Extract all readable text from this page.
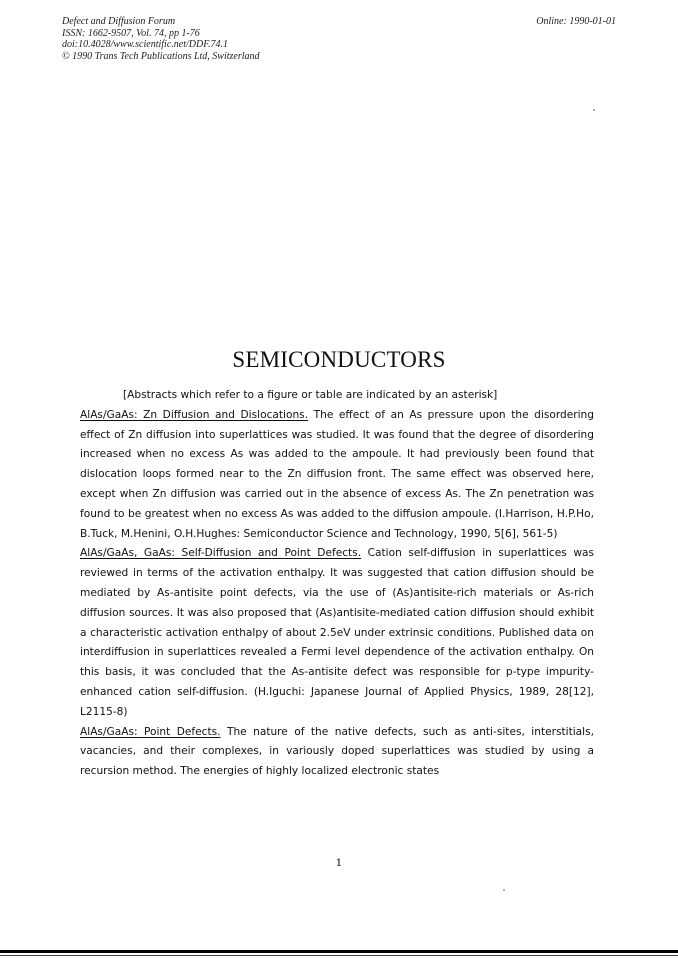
Defect and Diffusion Forum
ISSN: 1662-9507, Vol. 74, pp 1-76
doi:10.4028/www.scientific.net/DDF.74.1
© 1990 Trans Tech Publications Ltd, Switzerland
Online: 1990-01-01
SEMICONDUCTORS
[Abstracts which refer to a figure or table are indicated by an asterisk]
AlAs/GaAs: Zn Diffusion and Dislocations. The effect of an As pressure upon the disordering effect of Zn diffusion into superlattices was studied. It was found that the degree of disordering increased when no excess As was added to the ampoule. It had previously been found that dislocation loops formed near to the Zn diffusion front. The same effect was observed here, except when Zn diffusion was carried out in the absence of excess As. The Zn penetration was found to be greatest when no excess As was added to the diffusion ampoule. (I.Harrison, H.P.Ho, B.Tuck, M.Henini, O.H.Hughes: Semiconductor Science and Technology, 1990, 5[6], 561-5)
AlAs/GaAs, GaAs: Self-Diffusion and Point Defects. Cation self-diffusion in superlattices was reviewed in terms of the activation enthalpy. It was suggested that cation diffusion should be mediated by As-antisite point defects, via the use of (As)antisite-rich materials or As-rich diffusion sources. It was also proposed that (As)antisite-mediated cation diffusion should exhibit a characteristic activation enthalpy of about 2.5eV under extrinsic conditions. Published data on interdiffusion in superlattices revealed a Fermi level dependence of the activation enthalpy. On this basis, it was concluded that the As-antisite defect was responsible for p-type impurity-enhanced cation self-diffusion. (H.Iguchi: Japanese Journal of Applied Physics, 1989, 28[12], L2115-8)
AlAs/GaAs: Point Defects. The nature of the native defects, such as anti-sites, interstitials, vacancies, and their complexes, in variously doped superlattices was studied by using a recursion method. The energies of highly localized electronic states
1
